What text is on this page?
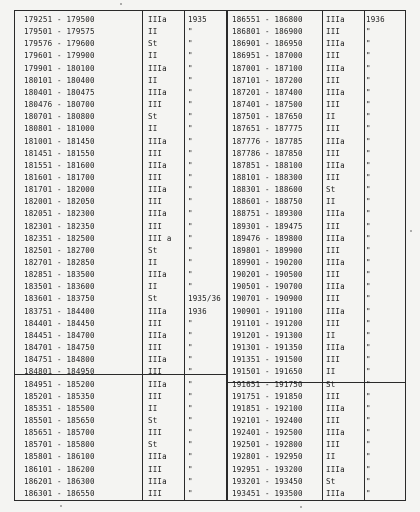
179251 - 179500	IIIa	1935
179501 - 179575	II	"
179576 - 179600	St	"
179601 - 179900	II	"
179901 - 180100	IIIa	"
180101 - 180400	II	"
180401 - 180475	IIIa	"
180476 - 180700	III	"
180701 - 180800	St	"
180801 - 181000	II	"
181001 - 181450	IIIa	"
181451 - 181550	III	"
181551 - 181600	IIIa	"
181601 - 181700	III	"
181701 - 182000	IIIa	"
182001 - 182050	III	"
182051 - 182300	IIIa	"
182301 - 182350	III	"
182351 - 182500	III a	"
182501 - 182700	St	"
182701 - 182850	II	"
182851 - 183500	IIIa	"
183501 - 183600	II	"
183601 - 183750	St	1935/36
183751 - 184400	IIIa	1936
184401 - 184450	III	"
184451 - 184700	IIIa	"
184701 - 184750	III	"
184751 - 184800	IIIa	"
184801 - 184950	III	"
184951 - 185200	IIIa	"
185201 - 185350	III	"
185351 - 185500	II	"
185501 - 185650	St	"
185651 - 185700	III	"
185701 - 185800	St	"
185801 - 186100	IIIa	"
186101 - 186200	III	"
186201 - 186300	IIIa	"
186301 - 186550	III	"
186551 - 186800	IIIa	1936
186801 - 186900	III	"
186901 - 186950	IIIa	"
186951 - 187000	III	"
187001 - 187100	IIIa	"
187101 - 187200	III	"
187201 - 187400	IIIa	"
187401 - 187500	III	"
187501 - 187650	II	"
187651 - 187775	III	"
187776 - 187785	IIIa	"
187786 - 187850	III	"
187851 - 188100	IIIa	"
188101 - 188300	III	"
188301 - 188600	St	"
188601 - 188750	II	"
188751 - 189300	IIIa	"
189301 - 189475	III	"
189476 - 189800	IIIa	"
189801 - 189900	III	"
189901 - 190200	IIIa	"
190201 - 190500	III	"
190501 - 190700	IIIa	"
190701 - 190900	III	"
190901 - 191100	IIIa	"
191101 - 191200	III	"
191201 - 191300	II	"
191301 - 191350	IIIa	"
191351 - 191500	III	"
191501 - 191650	II	"
191651 - 191750	St	"
191751 - 191850	III	"
191851 - 192100	IIIa	"
192101 - 192400	III	"
192401 - 192500	IIIa	"
192501 - 192800	III	"
192801 - 192950	II	"
192951 - 193200	IIIa	"
193201 - 193450	St	"
193451 - 193500	IIIa	"
